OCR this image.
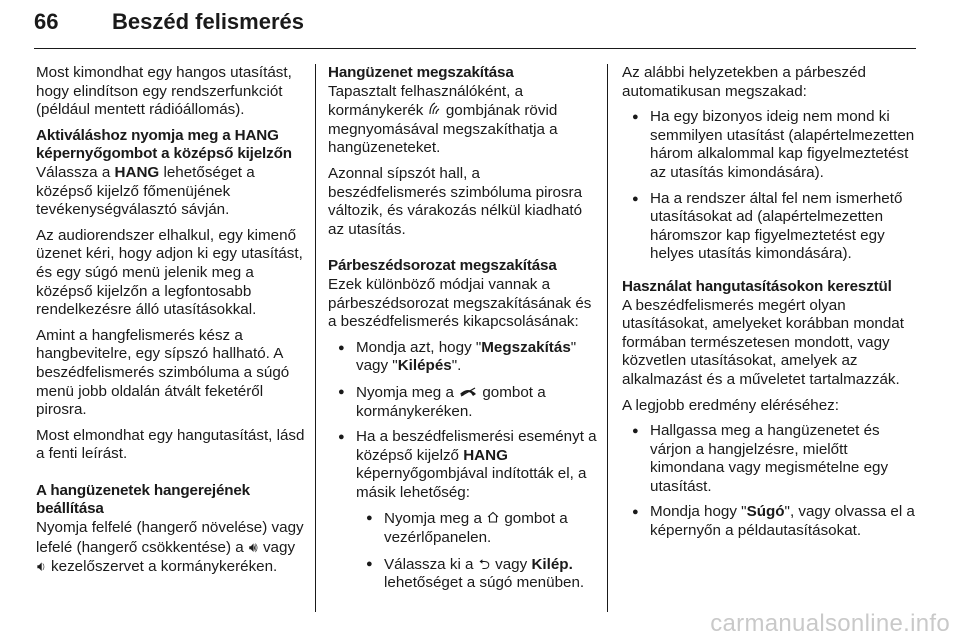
66 Beszéd felismerés

Most kimondhat egy hangos utasítást, hogy elindítson egy rendszerfunkciót (például mentett rádióállomás).

Aktiváláshoz nyomja meg a HANG képernyőgombot a középső kijelzőn

Válassza a HANG lehetőséget a középső kijelző főmenüjének tevékenységválasztó sávján.

Az audiorendszer elhalkul, egy kimenő üzenet kéri, hogy adjon ki egy utasítást, és egy súgó menü jelenik meg a középső kijelzőn a legfontosabb rendelkezésre álló utasításokkal.

Amint a hangfelismerés kész a hangbevitelre, egy sípszó hallható. A beszédfelismerés szimbóluma a súgó menü jobb oldalán átvált feketéről pirosra.

Most elmondhat egy hangutasítást, lásd a fenti leírást.

A hangüzenetek hangerejének beállítása

Nyomja felfelé (hangerő növelése) vagy lefelé (hangerő csökkentése) a 🔊︎ vagy 🔉︎ kezelőszervet a kormánykeréken.

Hangüzenet megszakítása

Tapasztalt felhasználóként, a kormánykerék  gombjának rövid megnyomásával megszakíthatja a hangüzeneteket.

Azonnal sípszót hall, a beszédfelismerés szimbóluma pirosra változik, és várakozás nélkül kiadható az utasítás.

Párbeszédsorozat megszakítása

Ezek különböző módjai vannak a párbeszédsorozat megszakításának és a beszédfelismerés kikapcsolásának:

● Mondja azt, hogy "Megszakítás" vagy "Kilépés".
● Nyomja meg a  gombot a kormánykeréken.
● Ha a beszédfelismerési eseményt a középső kijelző HANG képernyőgombjával indították el, a másik lehetőség:
● Nyomja meg a  gombot a vezérlőpanelen.
● Válassza ki a ⮌ vagy Kilép. lehetőséget a súgó menüben.

Az alábbi helyzetekben a párbeszéd automatikusan megszakad:

● Ha egy bizonyos ideig nem mond ki semmilyen utasítást (alapértelmezetten három alkalommal kap figyelmeztetést az utasítás kimondására).
● Ha a rendszer által fel nem ismerhető utasításokat ad (alapértelmezetten háromszor kap figyelmeztetést egy helyes utasítás kimondására).

Használat hangutasításokon keresztül

A beszédfelismerés megért olyan utasításokat, amelyeket korábban mondat formában természetesen mondott, vagy közvetlen utasításokat, amelyek az alkalmazást és a műveletet tartalmazzák.

A legjobb eredmény eléréséhez:

● Hallgassa meg a hangüzenetet és várjon a hangjelzésre, mielőtt kimondana vagy megismételne egy utasítást.
● Mondja hogy "Súgó", vagy olvassa el a képernyőn a példautasításokat.
carmanualsonline.info
